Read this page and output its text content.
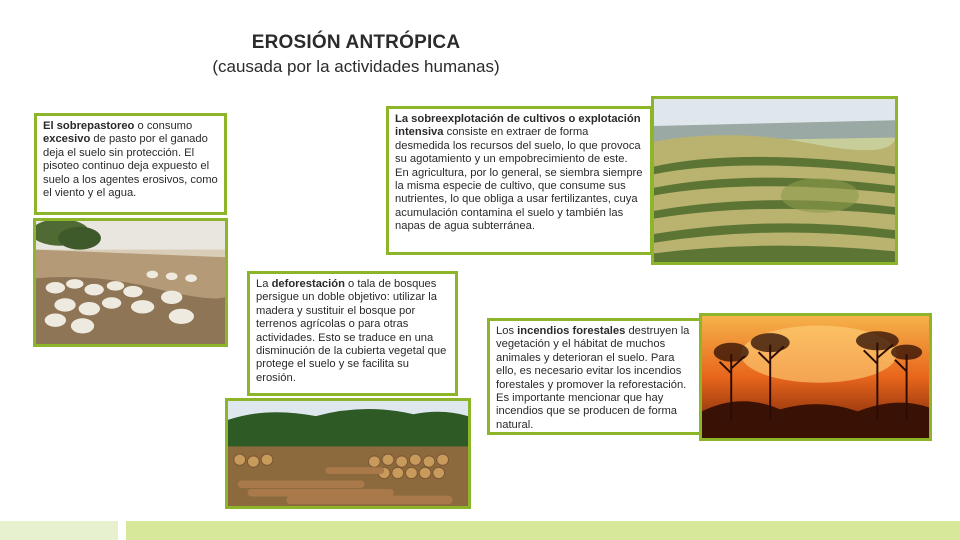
EROSIÓN ANTRÓPICA
(causada por la actividades humanas)
El sobrepastoreo o consumo excesivo de pasto por el ganado deja el suelo sin protección. El pisoteo continuo deja expuesto el suelo a los agentes erosivos, como el viento y el agua.
La sobreexplotación de cultivos o explotación intensiva consiste en extraer de forma desmedida los recursos del suelo, lo que provoca su agotamiento y un empobrecimiento de este. En agricultura, por lo general, se siembra siempre la misma especie de cultivo, que consume sus nutrientes, lo que obliga a usar fertilizantes, cuya acumulación contamina el suelo y también las napas de agua subterránea.
La deforestación o tala de bosques persigue un doble objetivo: utilizar la madera y sustituir el bosque por terrenos agrícolas o para otras actividades. Esto se traduce en una disminución de la cubierta vegetal que protege el suelo y se facilita su erosión.
Los incendios forestales destruyen la vegetación y el hábitat de muchos animales y deterioran el suelo. Para ello, es necesario evitar los incendios forestales y promover la reforestación. Es importante mencionar que hay incendios que se producen de forma natural.
